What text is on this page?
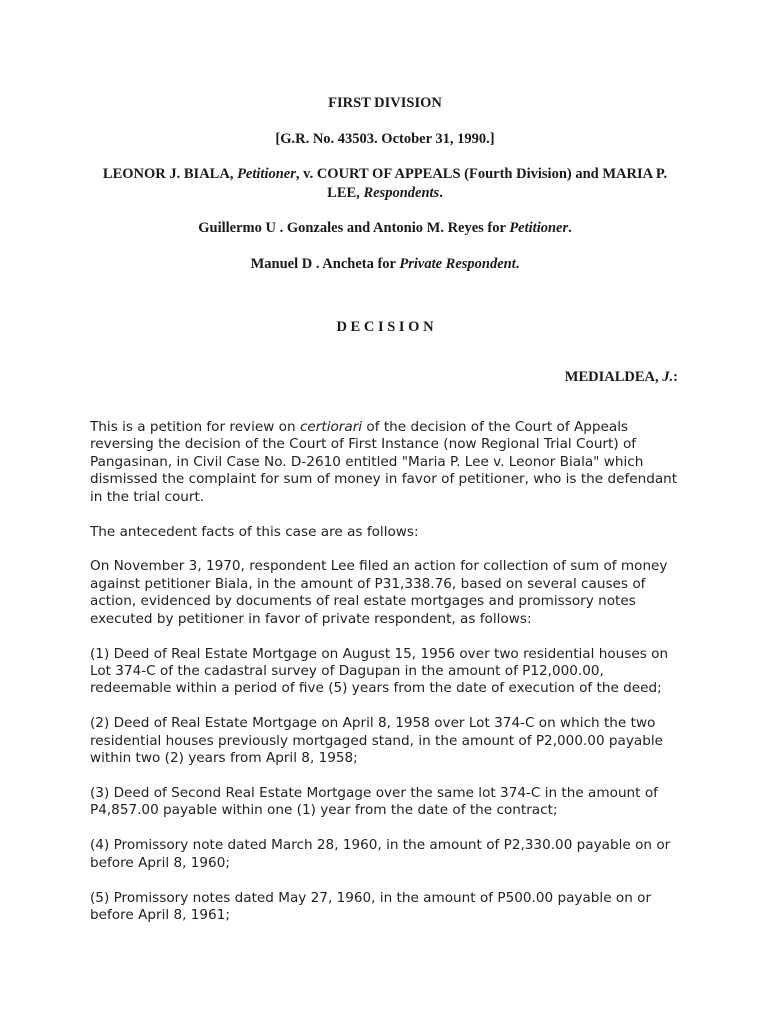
FIRST DIVISION
[G.R. No. 43503. October 31, 1990.]
LEONOR J. BIALA, Petitioner, v. COURT OF APPEALS (Fourth Division) and MARIA P. LEE, Respondents.
Guillermo U . Gonzales and Antonio M. Reyes for Petitioner.
Manuel D . Ancheta for Private Respondent.
D E C I S I O N
MEDIALDEA, J.:

This is a petition for review on certiorari of the decision of the Court of Appeals reversing the decision of the Court of First Instance (now Regional Trial Court) of Pangasinan, in Civil Case No. D-2610 entitled "Maria P. Lee v. Leonor Biala" which dismissed the complaint for sum of money in favor of petitioner, who is the defendant in the trial court.

The antecedent facts of this case are as follows:

On November 3, 1970, respondent Lee filed an action for collection of sum of money against petitioner Biala, in the amount of P31,338.76, based on several causes of action, evidenced by documents of real estate mortgages and promissory notes executed by petitioner in favor of private respondent, as follows:

(1) Deed of Real Estate Mortgage on August 15, 1956 over two residential houses on Lot 374-C of the cadastral survey of Dagupan in the amount of P12,000.00, redeemable within a period of five (5) years from the date of execution of the deed;

(2) Deed of Real Estate Mortgage on April 8, 1958 over Lot 374-C on which the two residential houses previously mortgaged stand, in the amount of P2,000.00 payable within two (2) years from April 8, 1958;

(3) Deed of Second Real Estate Mortgage over the same lot 374-C in the amount of P4,857.00 payable within one (1) year from the date of the contract;

(4) Promissory note dated March 28, 1960, in the amount of P2,330.00 payable on or before April 8, 1960;

(5) Promissory notes dated May 27, 1960, in the amount of P500.00 payable on or before April 8, 1961;
